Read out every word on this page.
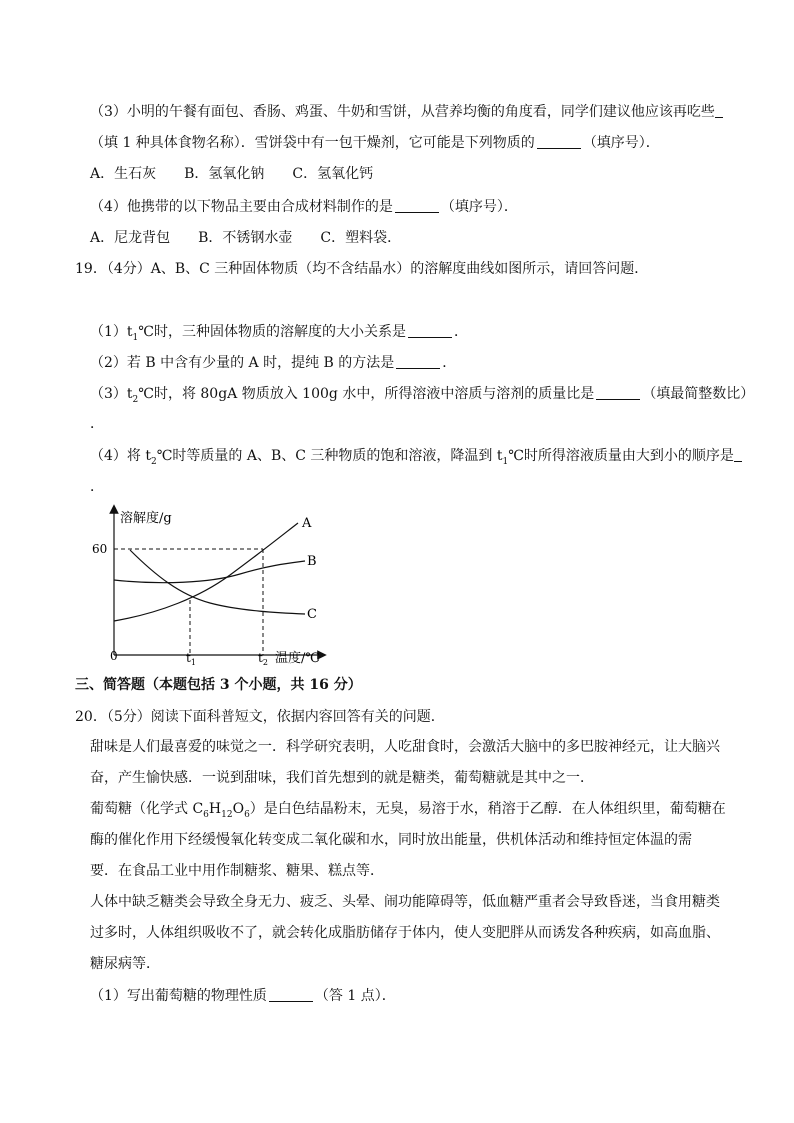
（3）小明的午餐有面包、香肠、鸡蛋、牛奶和雪饼，从营养均衡的角度看，同学们建议他应该再吃些
（填 1 种具体食物名称）．雪饼袋中有一包干燥剂，它可能是下列物质的	（填序号）．
A．生石灰　　B．氢氧化钠　　C．氢氧化钙
（4）他携带的以下物品主要由合成材料制作的是	（填序号）．
A．尼龙背包　　B．不锈钢水壶　　C．塑料袋．
19．（4分）A、B、C 三种固体物质（均不含结晶水）的溶解度曲线如图所示，请回答问题．
$(1)t_1℃$时，三种固体物质的溶解度的大小关系是	．
（2）若 B 中含有少量的 A 时，提纯 B 的方法是	．
$(3)t_2℃$时，将 80gA 物质放入 100g 水中，所得溶液中溶质与溶剂的质量比是	（填最简整数比）
．
（4）将 $t_2℃$时等质量的 A、B、C 三种物质的饱和溶液，降温到 $t_1℃$时所得溶液质量由大到小的顺序是
．
溶解度/g
60
0	$t_1$	$t_2$ 温度/℃
A
B
C
三、简答题（本题包括 3 个小题，共 16 分）
20．（5分）阅读下面科普短文，依据内容回答有关的问题．
甜味是人们最喜爱的味觉之一．科学研究表明，人吃甜食时，会激活大脑中的多巴胺神经元，让大脑兴
奋，产生愉快感．一说到甜味，我们首先想到的就是糖类，葡萄糖就是其中之一．
葡萄糖（化学式 $C_6H_{12}O_6$）是白色结晶粉末，无臭，易溶于水，稍溶于乙醇．在人体组织里，葡萄糖在
酶的催化作用下经缓慢氧化转变成二氧化碳和水，同时放出能量，供机体活动和维持恒定体温的需
要．在食品工业中用作制糖浆、糖果、糕点等．
人体中缺乏糖类会导致全身无力、疲乏、头晕、闹功能障碍等，低血糖严重者会导致昏迷，当食用糖类
过多时，人体组织吸收不了，就会转化成脂肪储存于体内，使人变肥胖从而诱发各种疾病，如高血脂、
糖尿病等．
（1）写出葡萄糖的物理性质	（答 1 点）．
